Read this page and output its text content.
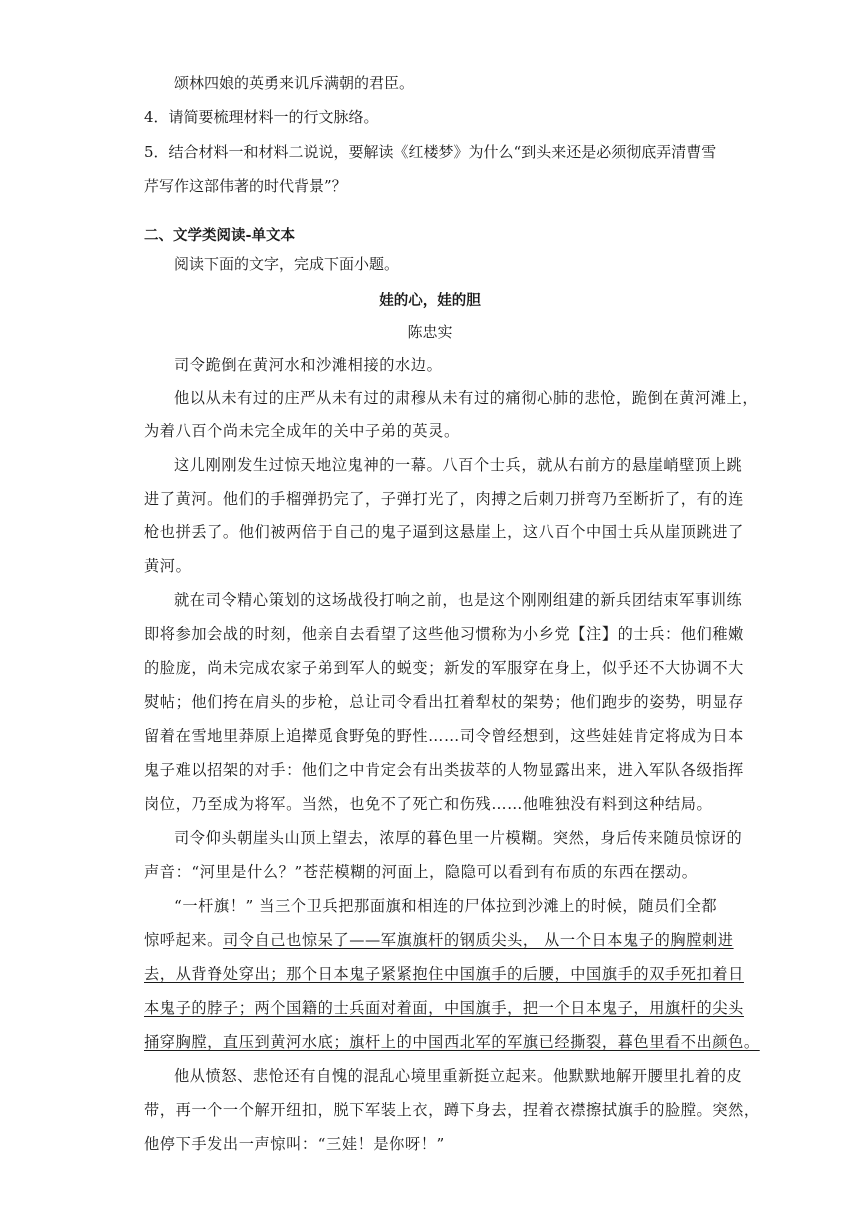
颂林四娘的英勇来讥斥满朝的君臣。
4．请简要梳理材料一的行文脉络。
5．结合材料一和材料二说说，要解读《红楼梦》为什么“到头来还是必须彻底弄清曹雪
芹写作这部伟著的时代背景”？
二、文学类阅读-单文本
阅读下面的文字，完成下面小题。
娃的心，娃的胆
陈忠实
司令跪倒在黄河水和沙滩相接的水边。
他以从未有过的庄严从未有过的肃穆从未有过的痛彻心肺的悲怆，跪倒在黄河滩上，
为着八百个尚未完全成年的关中子弟的英灵。
这儿刚刚发生过惊天地泣鬼神的一幕。八百个士兵，就从右前方的悬崖峭壁顶上跳
进了黄河。他们的手榴弹扔完了，子弹打光了，肉搏之后刺刀拼弯乃至断折了，有的连
枪也拼丢了。他们被两倍于自己的鬼子逼到这悬崖上，这八百个中国士兵从崖顶跳进了
黄河。
就在司令精心策划的这场战役打响之前，也是这个刚刚组建的新兵团结束军事训练
即将参加会战的时刻，他亲自去看望了这些他习惯称为小乡党【注】的士兵：他们稚嫩
的脸庞，尚未完成农家子弟到军人的蜕变；新发的军服穿在身上，似乎还不大协调不大
熨帖；他们挎在肩头的步枪，总让司令看出扛着犁杖的架势；他们跑步的姿势，明显存
留着在雪地里莽原上追撵觅食野兔的野性……司令曾经想到，这些娃娃肯定将成为日本
鬼子难以招架的对手：他们之中肯定会有出类拔萃的人物显露出来，进入军队各级指挥
岗位，乃至成为将军。当然，也免不了死亡和伤残……他唯独没有料到这种结局。
司令仰头朝崖头山顶上望去，浓厚的暮色里一片模糊。突然，身后传来随员惊讶的
声音：“河里是什么？”苍茫模糊的河面上，隐隐可以看到有布质的东西在摆动。
“一杆旗！” 当三个卫兵把那面旗和相连的尸体拉到沙滩上的时候，随员们全都
惊呼起来。司令自己也惊呆了——军旗旗杆的钢质尖头， 从一个日本鬼子的胸膛刺进
去，从背脊处穿出；那个日本鬼子紧紧抱住中国旗手的后腰，中国旗手的双手死扣着日
本鬼子的脖子；两个国籍的士兵面对着面，中国旗手，把一个日本鬼子，用旗杆的尖头
捅穿胸膛，直压到黄河水底；旗杆上的中国西北军的军旗已经撕裂，暮色里看不出颜色。
他从愤怒、悲怆还有自愧的混乱心境里重新挺立起来。他默默地解开腰里扎着的皮
带，再一个一个解开纽扣，脱下军装上衣，蹲下身去，捏着衣襟擦拭旗手的脸膛。突然，
他停下手发出一声惊叫：“三娃！是你呀！”
